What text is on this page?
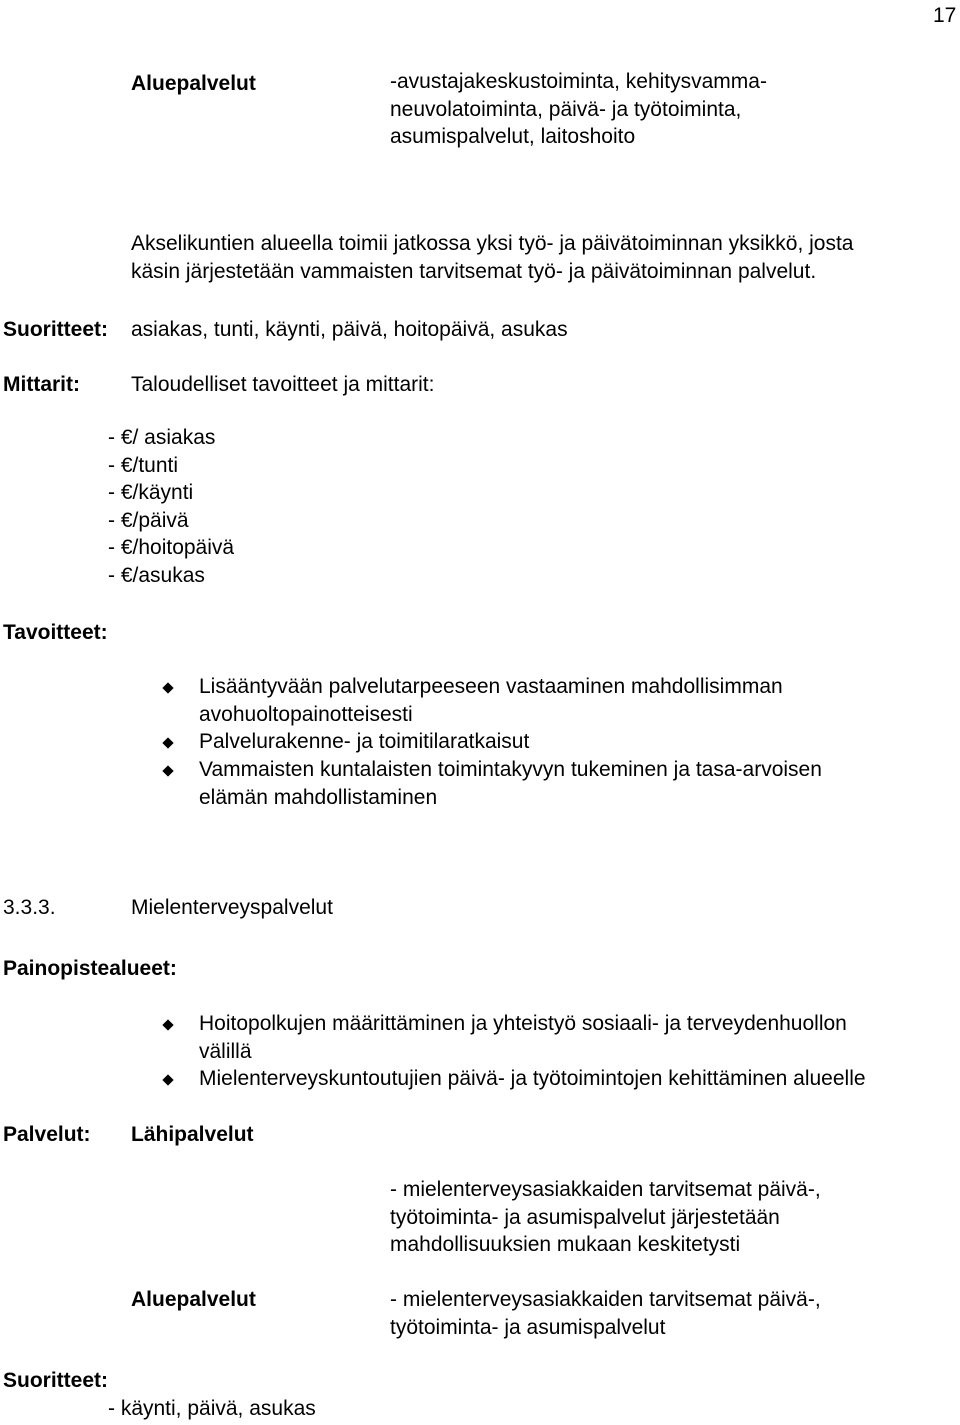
17
Aluepalvelut	-avustajakeskustoiminta, kehitysvamma-
neuvolatoiminta, päivä- ja työtoiminta,
asumispalvelut, laitoshoito
Akselikuntien alueella toimii jatkossa yksi työ- ja päivätoiminnan yksikkö, josta
käsin järjestetään vammaisten tarvitsemat työ- ja päivätoiminnan palvelut.
Suoritteet: asiakas, tunti, käynti, päivä, hoitopäivä, asukas
Mittarit: Taloudelliset tavoitteet ja mittarit:
- €/ asiakas
- €/tunti
- €/käynti
- €/päivä
- €/hoitopäivä
- €/asukas
Tavoitteet:
Lisääntyvään palvelutarpeeseen vastaaminen mahdollisimman
avohuoltopainotteisesti
Palvelurakenne- ja toimitilaratkaisut
Vammaisten kuntalaisten toimintakyvyn tukeminen ja tasa-arvoisen
elämän mahdollistaminen
3.3.3.	Mielenterveyspalvelut
Painopistealueet:
Hoitopolkujen määrittäminen ja yhteistyö sosiaali- ja terveydenhuollon
välillä
Mielenterveyskuntoutujien päivä- ja työtoimintojen kehittäminen alueelle
Palvelut: Lähipalvelut
- mielenterveysasiakkaiden tarvitsemat päivä-,
työtoiminta- ja asumispalvelut järjestetään
mahdollisuuksien mukaan keskitetysti
Aluepalvelut	- mielenterveysasiakkaiden tarvitsemat päivä-,
työtoiminta- ja asumispalvelut
Suoritteet:
- käynti, päivä, asukas
